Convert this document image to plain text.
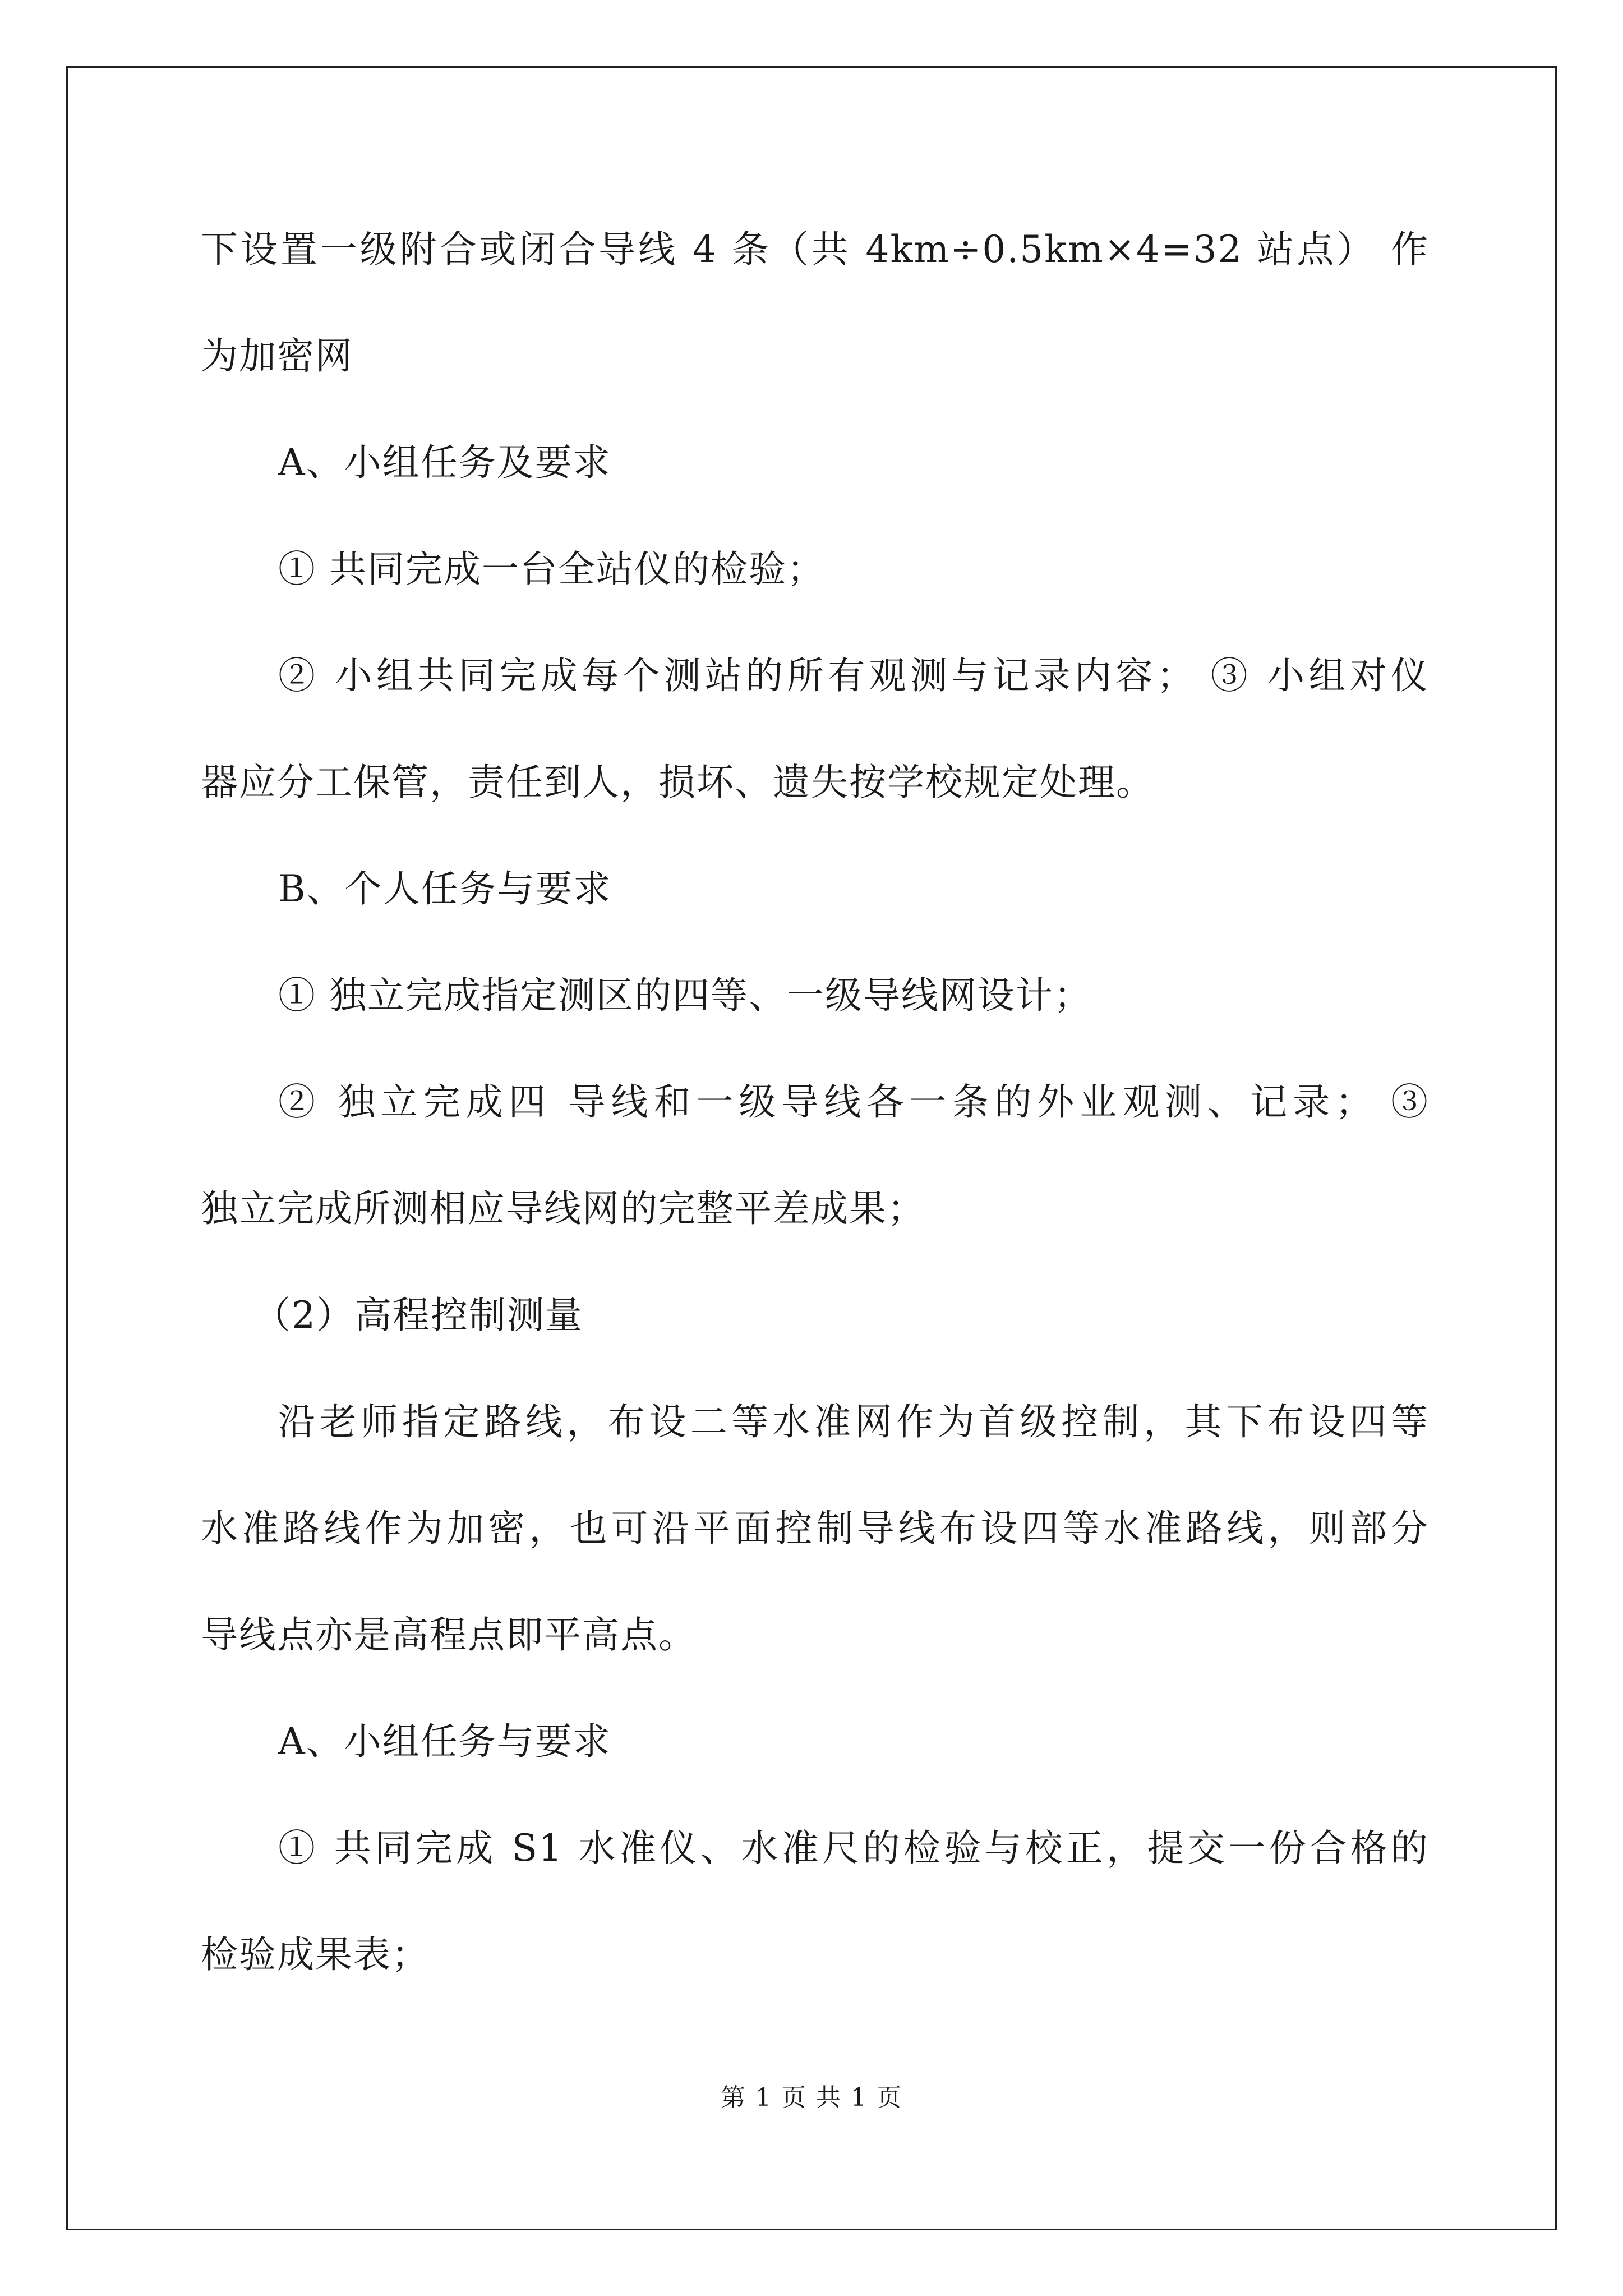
下设置一级附合或闭合导线 4 条（共 4km÷0.5km×4=32 站点） 作
为加密网
A、小组任务及要求
① 共同完成一台全站仪的检验；
② 小组共同完成每个测站的所有观测与记录内容； ③ 小组对仪
器应分工保管，责任到人，损坏、遗失按学校规定处理。
B、个人任务与要求
① 独立完成指定测区的四等、一级导线网设计；
② 独立完成四 导线和一级导线各一条的外业观测、记录； ③
独立完成所测相应导线网的完整平差成果；
（2）高程控制测量
沿老师指定路线，布设二等水准网作为首级控制，其下布设四等
水准路线作为加密，也可沿平面控制导线布设四等水准路线，则部分
导线点亦是高程点即平高点。
A、小组任务与要求
① 共同完成 S1 水准仪、水准尺的检验与校正，提交一份合格的
检验成果表；
第 1 页 共 1 页
